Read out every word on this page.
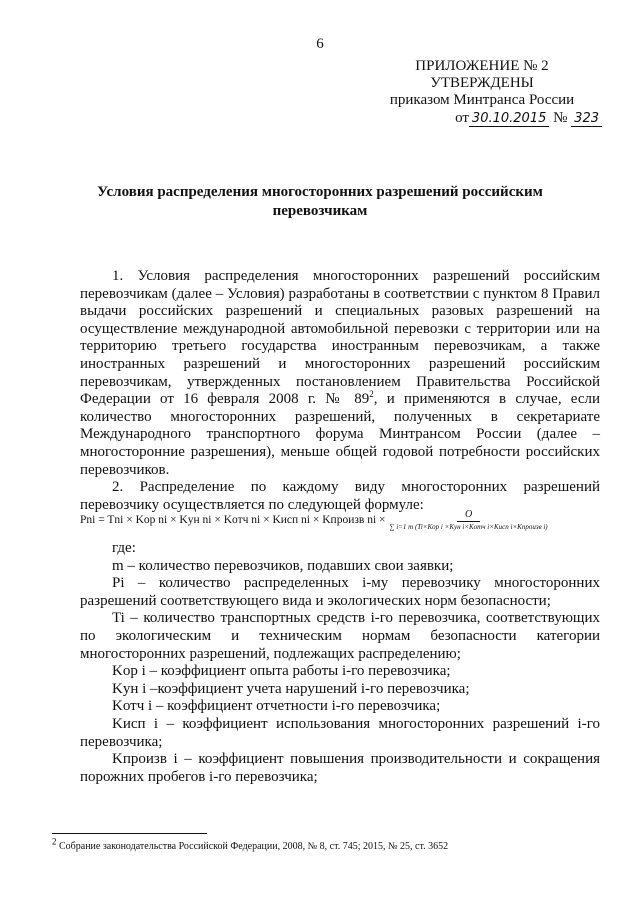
6
ПРИЛОЖЕНИЕ № 2
УТВЕРЖДЕНЫ
приказом Минтранса России
от 30.10.2015 № 323
Условия распределения многосторонних разрешений российским перевозчикам

1. Условия распределения многосторонних разрешений российским перевозчикам (далее – Условия) разработаны в соответствии с пунктом 8 Правил выдачи российских разрешений и специальных разовых разрешений на осуществление международной автомобильной перевозки с территории или на территорию третьего государства иностранным перевозчикам, а также иностранных разрешений и многосторонних разрешений российским перевозчикам, утвержденных постановлением Правительства Российской Федерации от 16 февраля 2008 г. № $89^2$, и применяются в случае, если количество многосторонних разрешений, полученных в секретариате Международного транспортного форума Минтрансом России (далее – многосторонние разрешения), меньше общей годовой потребности российских перевозчиков.

2. Распределение по каждому виду многосторонних разрешений перевозчику осуществляется по следующей формуле:

Pni = Tni × Kор ni × Kун ni × Kотч ni × Kисп ni × Kпроизв ni × $\frac{O}{\text{∑ i=1 m (Ti×Kор i ×Kун i×Kотч i×Kисп i×Kпроизв i)}}$

где:

m – количество перевозчиков, подавших свои заявки;

Pi – количество распределенных i-му перевозчику многосторонних разрешений соответствующего вида и экологических норм безопасности;

Ti – количество транспортных средств i-го перевозчика, соответствующих по экологическим и техническим нормам безопасности категории многосторонних разрешений, подлежащих распределению;

Kор i – коэффициент опыта работы i-го перевозчика;

Kун i –коэффициент учета нарушений i-го перевозчика;

Kотч i – коэффициент отчетности i-го перевозчика;

Kисп i – коэффициент использования многосторонних разрешений i-го перевозчика;

Kпроизв i – коэффициент повышения производительности и сокращения порожних пробегов i-го перевозчика;

$^2$ Собрание законодательства Российской Федерации, 2008, № 8, ст. 745; 2015, № 25, ст. 3652
